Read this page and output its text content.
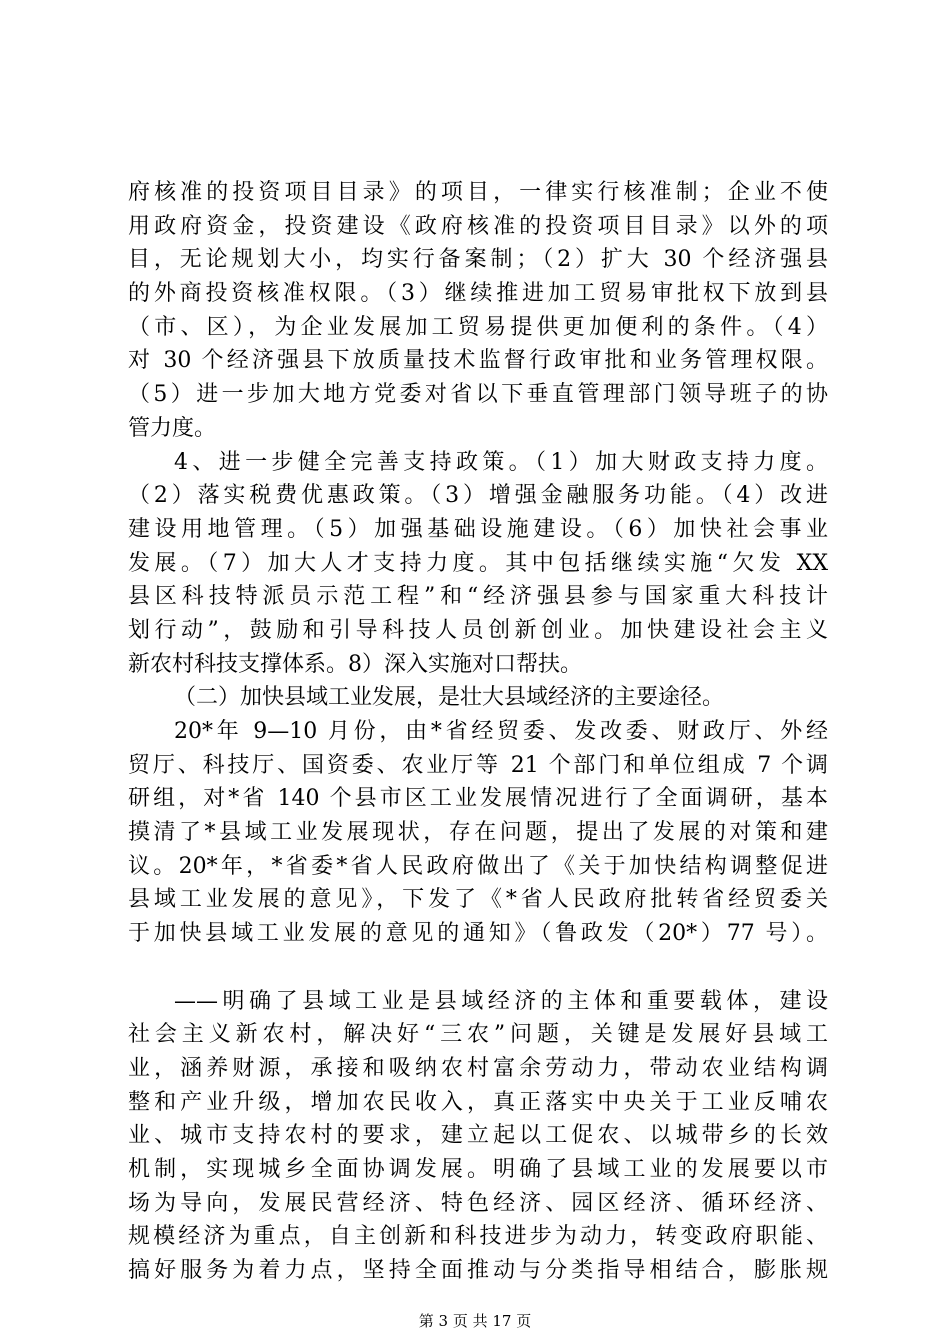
府核准的投资项目目录》的项目，一律实行核准制；企业不使
用政府资金，投资建设《政府核准的投资项目目录》以外的项
目，无论规划大小，均实行备案制；（2）扩大 30 个经济强县
的外商投资核准权限。（3）继续推进加工贸易审批权下放到县
（市、区），为企业发展加工贸易提供更加便利的条件。（4）
对 30 个经济强县下放质量技术监督行政审批和业务管理权限。
（5）进一步加大地方党委对省以下垂直管理部门领导班子的协
管力度。
4、进一步健全完善支持政策。（1）加大财政支持力度。
（2）落实税费优惠政策。（3）增强金融服务功能。（4）改进
建设用地管理。（5）加强基础设施建设。（6）加快社会事业
发展。（7）加大人才支持力度。其中包括继续实施“欠发 XX
县区科技特派员示范工程”和“经济强县参与国家重大科技计
划行动”，鼓励和引导科技人员创新创业。加快建设社会主义
新农村科技支撑体系。8）深入实施对口帮扶。
（二）加快县域工业发展，是壮大县域经济的主要途径。
20*年 9—10 月份，由*省经贸委、发改委、财政厅、外经
贸厅、科技厅、国资委、农业厅等 21 个部门和单位组成 7 个调
研组，对*省 140 个县市区工业发展情况进行了全面调研，基本
摸清了*县域工业发展现状，存在问题，提出了发展的对策和建
议。20*年，*省委*省人民政府做出了《关于加快结构调整促进
县域工业发展的意见》，下发了《*省人民政府批转省经贸委关
于加快县域工业发展的意见的通知》（鲁政发（20*）77 号）。
——明确了县域工业是县域经济的主体和重要载体，建设
社会主义新农村，解决好“三农”问题，关键是发展好县域工
业，涵养财源，承接和吸纳农村富余劳动力，带动农业结构调
整和产业升级，增加农民收入，真正落实中央关于工业反哺农
业、城市支持农村的要求，建立起以工促农、以城带乡的长效
机制，实现城乡全面协调发展。明确了县域工业的发展要以市
场为导向，发展民营经济、特色经济、园区经济、循环经济、
规模经济为重点，自主创新和科技进步为动力，转变政府职能、
搞好服务为着力点，坚持全面推动与分类指导相结合，膨胀规
第 3 页 共 17 页
